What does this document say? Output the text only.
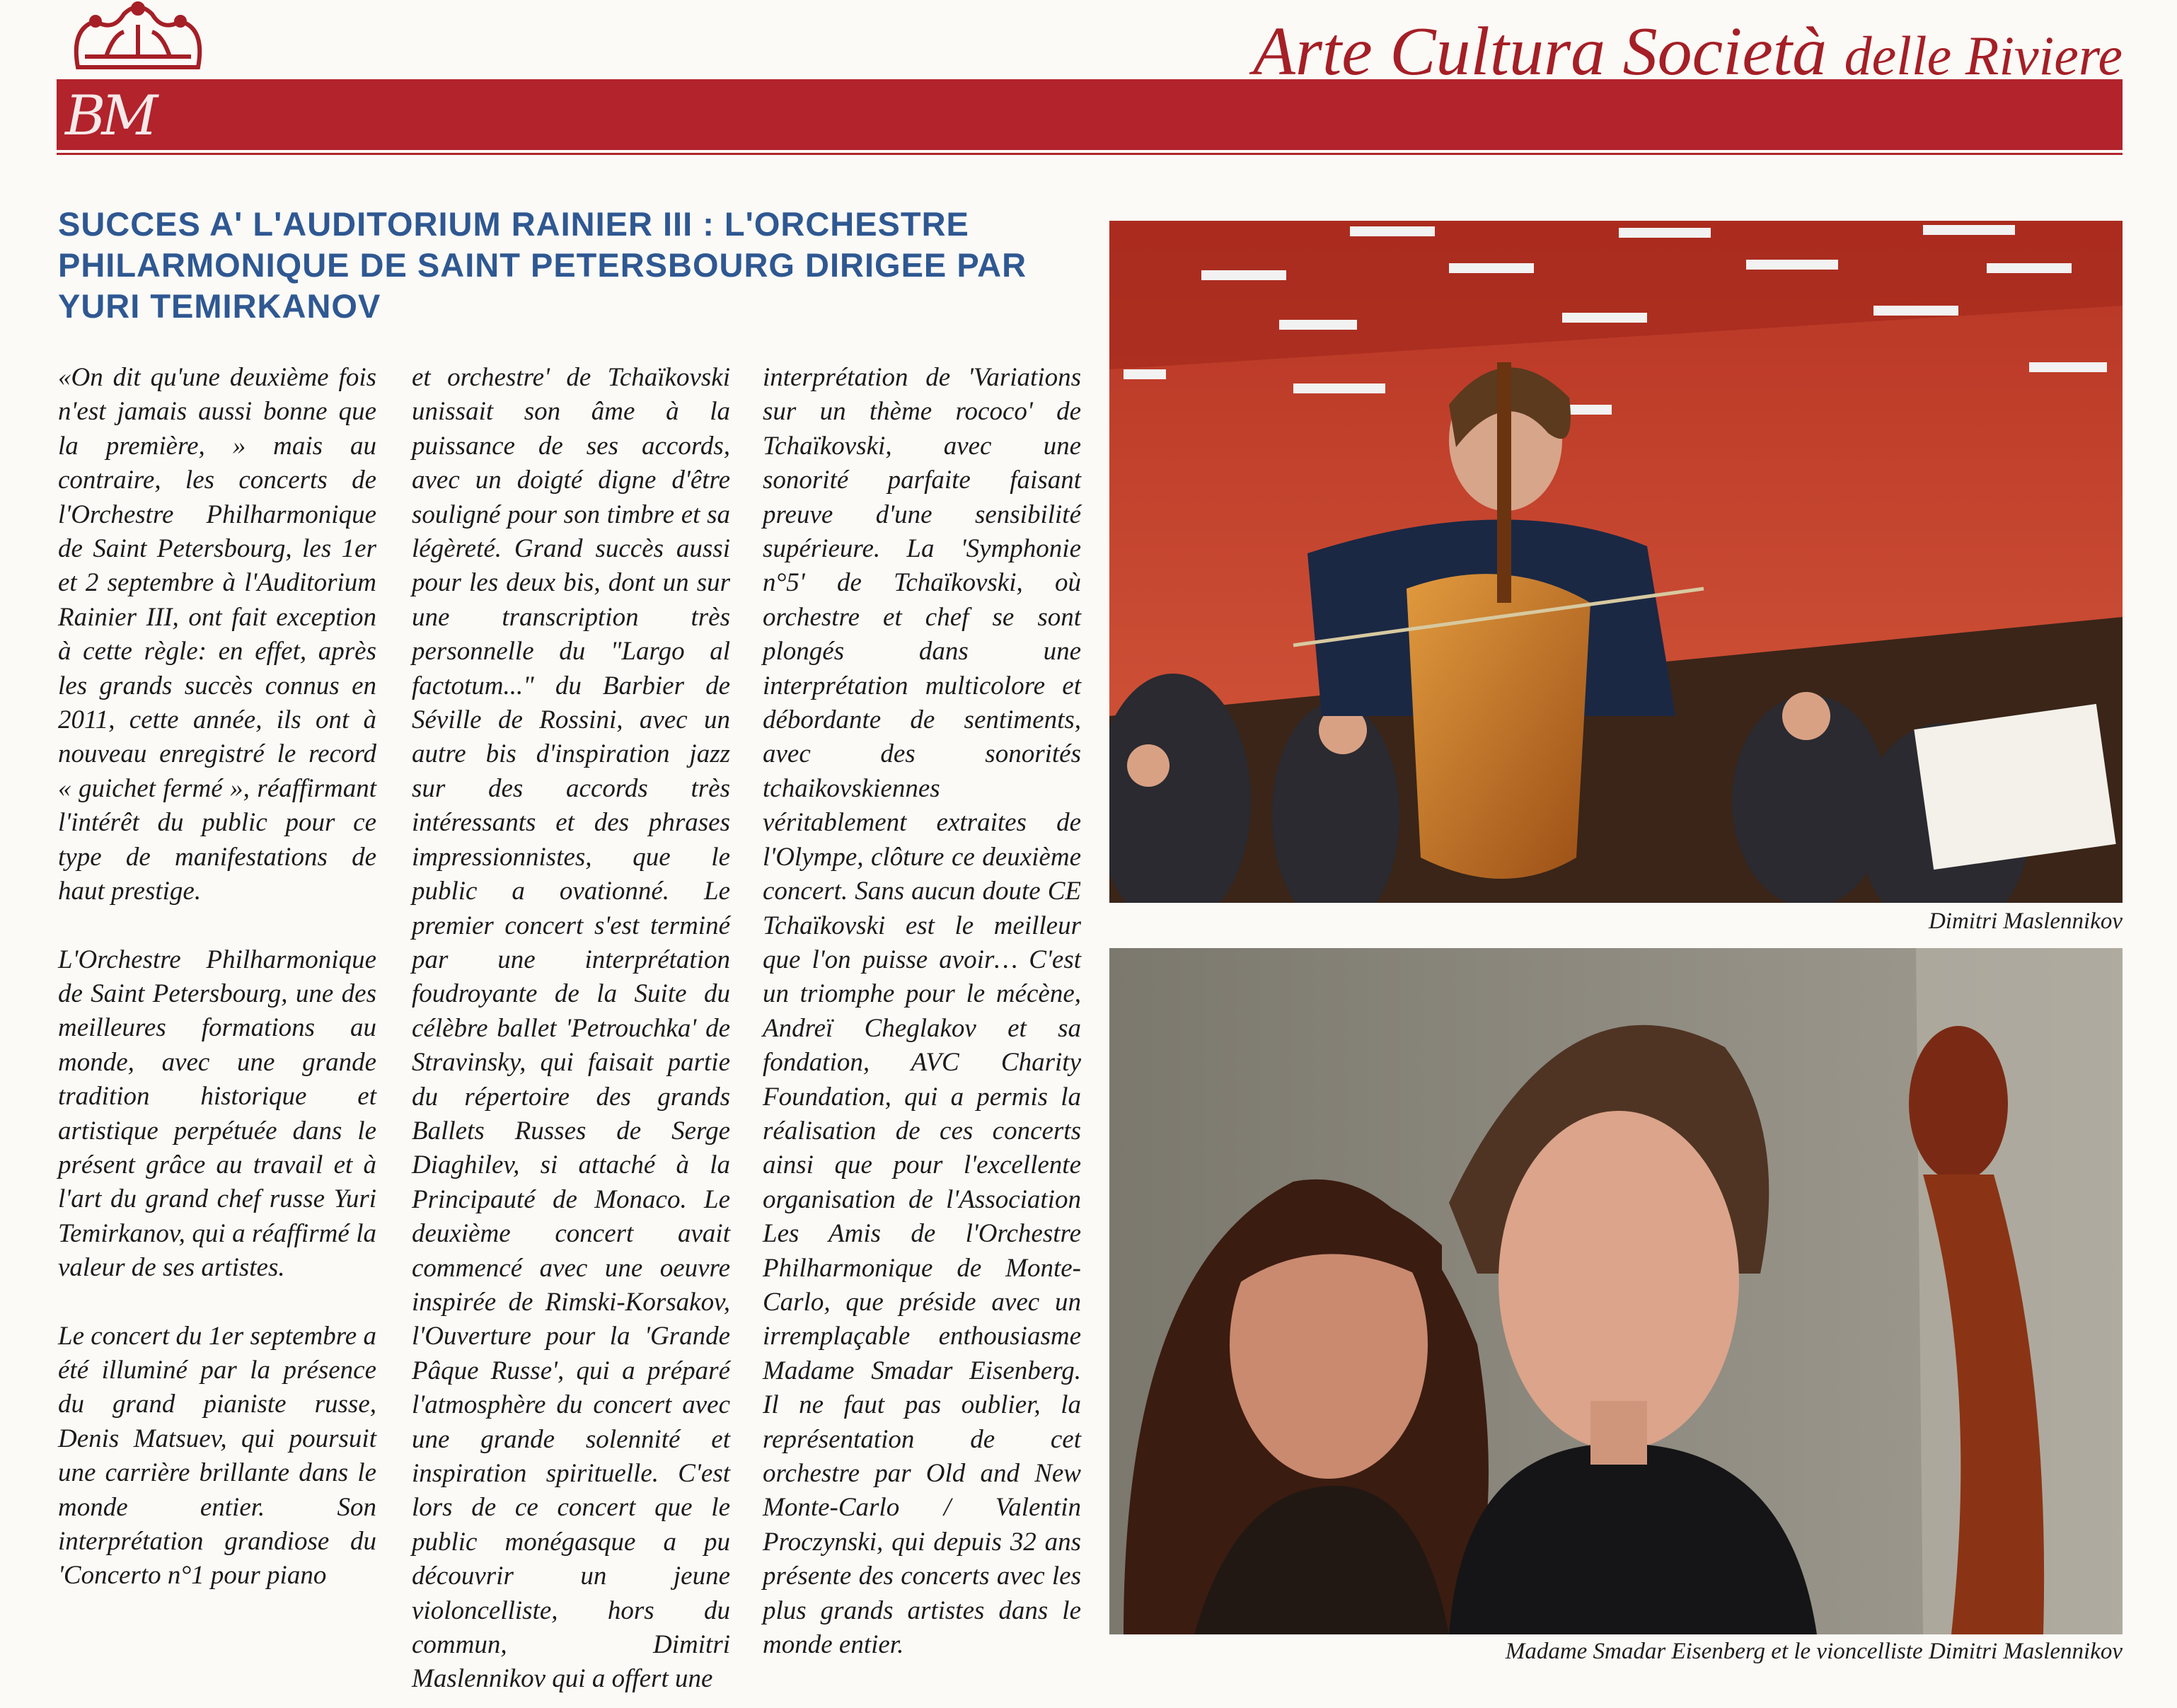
BM
Arte Cultura Società delle Riviere
SUCCES A' L'AUDITORIUM RAINIER III : L'ORCHESTRE PHILARMONIQUE DE SAINT PETERSBOURG DIRIGEE PAR YURI TEMIRKANOV

«On dit qu'une deuxième fois n'est jamais aussi bonne que la première, » mais au contraire, les concerts de l'Orchestre Philharmonique de Saint Petersbourg, les 1er et 2 septembre à l'Auditorium Rainier III, ont fait exception à cette règle: en effet, après les grands succès connus en 2011, cette année, ils ont à nouveau enregistré le record « guichet fermé », réaffirmant l'intérêt du public pour ce type de manifestations de haut prestige.

L'Orchestre Philharmonique de Saint Petersbourg, une des meilleures formations au monde, avec une grande tradition historique et artistique perpétuée dans le présent grâce au travail et à l'art du grand chef russe Yuri Temirkanov, qui a réaffirmé la valeur de ses artistes.

Le concert du 1er septembre a été illuminé par la présence du grand pianiste russe, Denis Matsuev, qui poursuit une carrière brillante dans le monde entier. Son interprétation grandiose du 'Concerto n°1 pour piano

et orchestre' de Tchaïkovski unissait son âme à la puissance de ses accords, avec un doigté digne d'être souligné pour son timbre et sa légèreté. Grand succès aussi pour les deux bis, dont un sur une transcription très personnelle du "Largo al factotum..." du Barbier de Séville de Rossini, avec un autre bis d'inspiration jazz sur des accords très intéressants et des phrases impressionnistes, que le public a ovationné. Le premier concert s'est terminé par une interprétation foudroyante de la Suite du célèbre ballet 'Petrouchka' de Stravinsky, qui faisait partie du répertoire des grands Ballets Russes de Serge Diaghilev, si attaché à la Principauté de Monaco. Le deuxième concert avait commencé avec une oeuvre inspirée de Rimski-Korsakov, l'Ouverture pour la 'Grande Pâque Russe', qui a préparé l'atmosphère du concert avec une grande solennité et inspiration spirituelle. C'est lors de ce concert que le public monégasque a pu découvrir un jeune violoncelliste, hors du commun, Dimitri Maslennikov qui a offert une

interprétation de 'Variations sur un thème rococo' de Tchaïkovski, avec une sonorité parfaite faisant preuve d'une sensibilité supérieure. La 'Symphonie n°5' de Tchaïkovski, où orchestre et chef se sont plongés dans une interprétation multicolore et débordante de sentiments, avec des sonorités tchaikovskiennes véritablement extraites de l'Olympe, clôture ce deuxième concert. Sans aucun doute CE Tchaïkovski est le meilleur que l'on puisse avoir… C'est un triomphe pour le mécène, Andreï Cheglakov et sa fondation, AVC Charity Foundation, qui a permis la réalisation de ces concerts ainsi que pour l'excellente organisation de l'Association Les Amis de l'Orchestre Philharmonique de Monte-Carlo, que préside avec un irremplaçable enthousiasme Madame Smadar Eisenberg. Il ne faut pas oublier, la représentation de cet orchestre par Old and New Monte-Carlo / Valentin Proczynski, qui depuis 32 ans présente des concerts avec les plus grands artistes dans le monde entier.

Dimitri Maslennikov
Madame Smadar Eisenberg et le vioncelliste Dimitri Maslennikov
